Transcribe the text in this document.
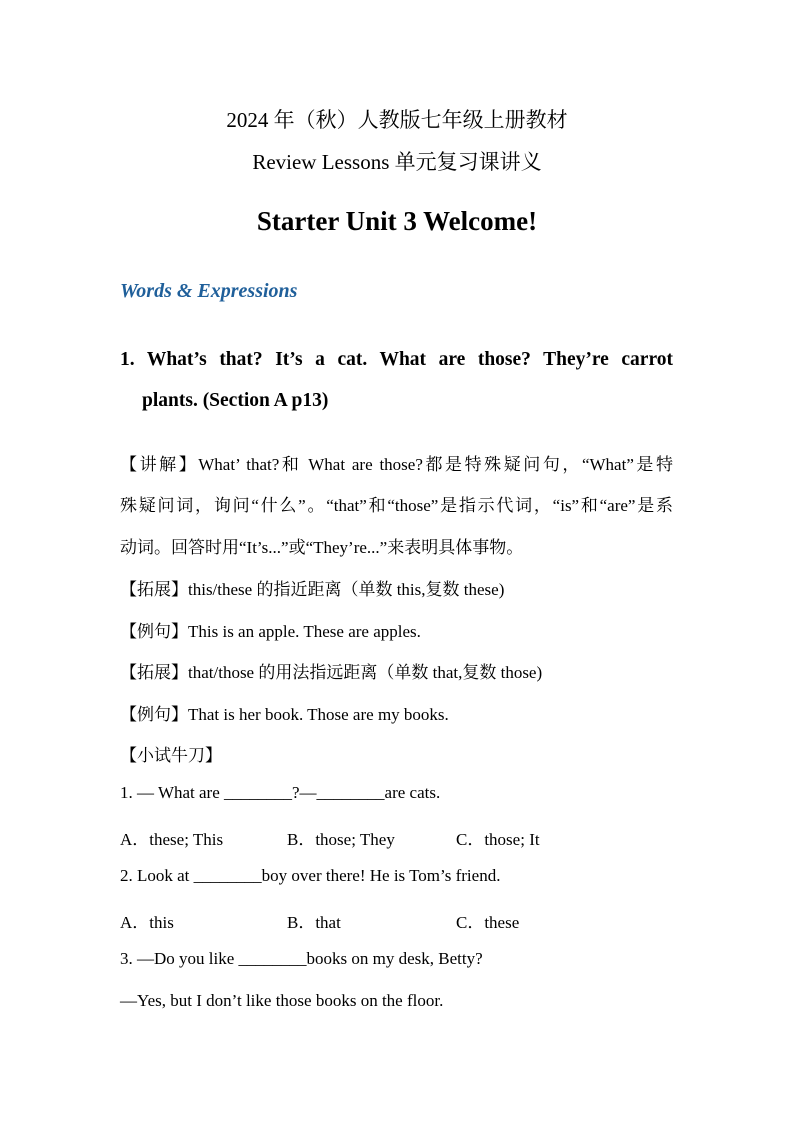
2024 年（秋）人教版七年级上册教材
Review Lessons 单元复习课讲义
Starter Unit 3 Welcome!
Words & Expressions
1. What’s that? It’s a cat. What are those? They’re carrot
plants. (Section A p13)
【讲解】What’ that?和 What are those?都是特殊疑问句，“What”是特
殊疑问词，询问“什么”。“that”和“those”是指示代词，“is”和“are”是系
动词。回答时用“It’s...”或“They’re...”来表明具体事物。
【拓展】this/these 的指近距离（单数 this,复数 these)
【例句】This is an apple. These are apples.
【拓展】that/those 的用法指远距离（单数 that,复数 those)
【例句】That is her book. Those are my books.
【小试牛刀】
1. — What are ________?—________are cats.
A．these; This	B．those; They	C．those; It
2. Look at ________boy over there! He is Tom’s friend.
A．this	B．that	C．these
3. —Do you like ________books on my desk, Betty?
—Yes, but I don’t like those books on the floor.
